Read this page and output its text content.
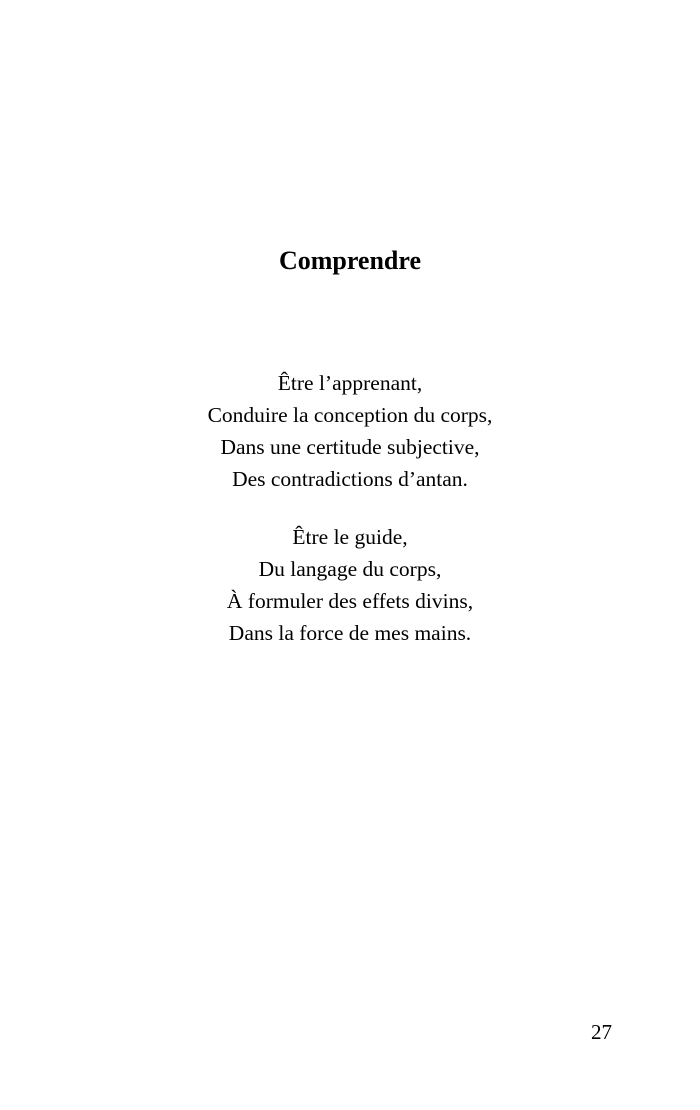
Comprendre

Être l’apprenant,
Conduire la conception du corps,
Dans une certitude subjective,
Des contradictions d’antan.

Être le guide,
Du langage du corps,
À formuler des effets divins,
Dans la force de mes mains.

27
